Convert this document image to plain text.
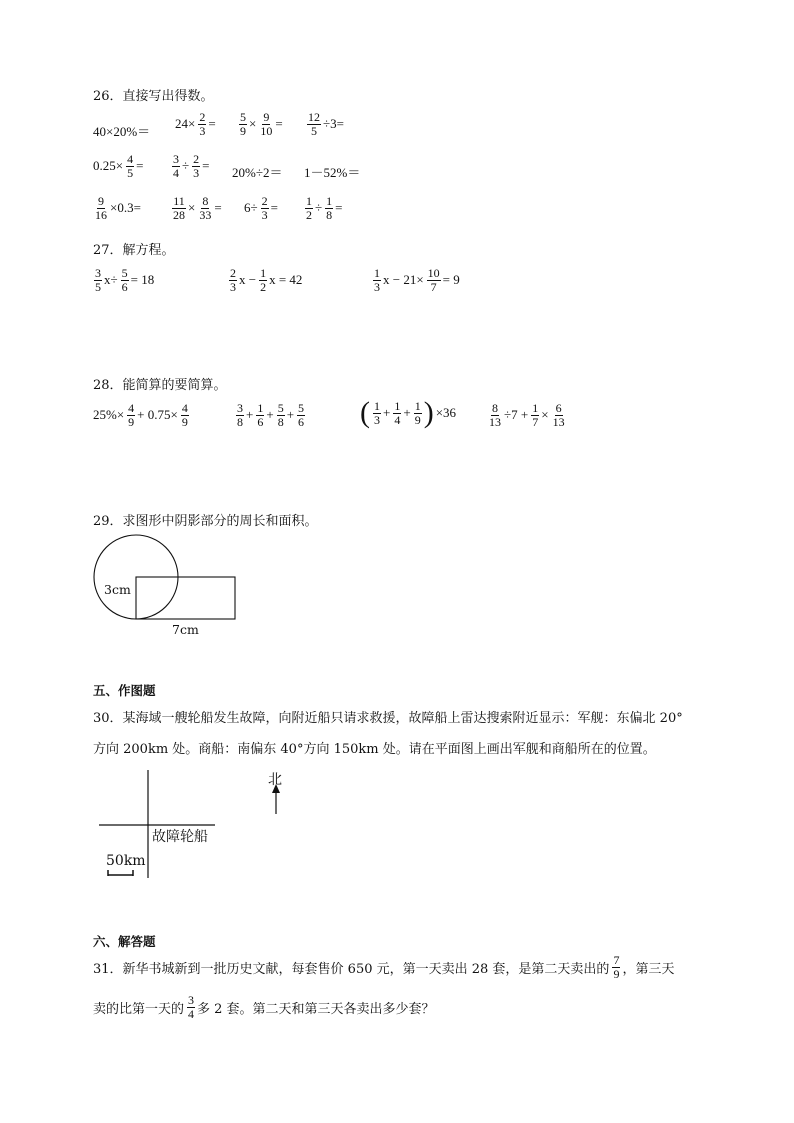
26．直接写出得数。
40×20%＝
$24\times \frac{2}{3} = \frac{5}{9} \times \frac{9}{10} = \frac{12}{5} \div 3=$
$0.25\times \frac{4}{5} = \frac{3}{4} \div \frac{2}{3} = 20\%\div 2= 1-52\%=$
$\frac{9}{16} \times 0.3=$	$\frac{11}{28} \times \frac{8}{33} = 6\div \frac{2}{3} = \frac{1}{2} \div \frac{1}{8}$ =
27．解方程。
$\frac{3}{5} x\div \frac{5}{6} = 18$	$\frac{2}{3}$ $x - \frac{1}{2}$ x = 42	$\frac{1}{3}$ $x - 21\times \frac{10}{7} = 9$
28．能简算的要简算。
$25\%\times \frac{4}{9} + 0.75\times \frac{4}{9}$	$\frac{3}{8} + \frac{1}{6} + \frac{5}{8} + \frac{5}{6}$ ( $\frac{1}{3} + \frac{1}{4} + \frac{1}{9}$ ) ×36	$\frac{8}{13} \div 7 + \frac{1}{7} \times \frac{6}{13}$
29．求图形中阴影部分的周长和面积。
3cm
7cm
五、作图题
30．某海域一艘轮船发生故障，向附近船只请求救援，故障船上雷达搜索附近显示：军舰：东偏北 20°
方向 200km 处。商船：南偏东 40°方向 150km 处。请在平面图上画出军舰和商船所在的位置。
北
故障轮船
50km
六、解答题
31．新华书城新到一批历史文献，每套售价 650 元，第一天卖出 28 套，是第二天卖出的 $\frac{7}{9}$ ，第三天
卖的比第一天的 $\frac{3}{4}$ 多 2 套。第二天和第三天各卖出多少套？
